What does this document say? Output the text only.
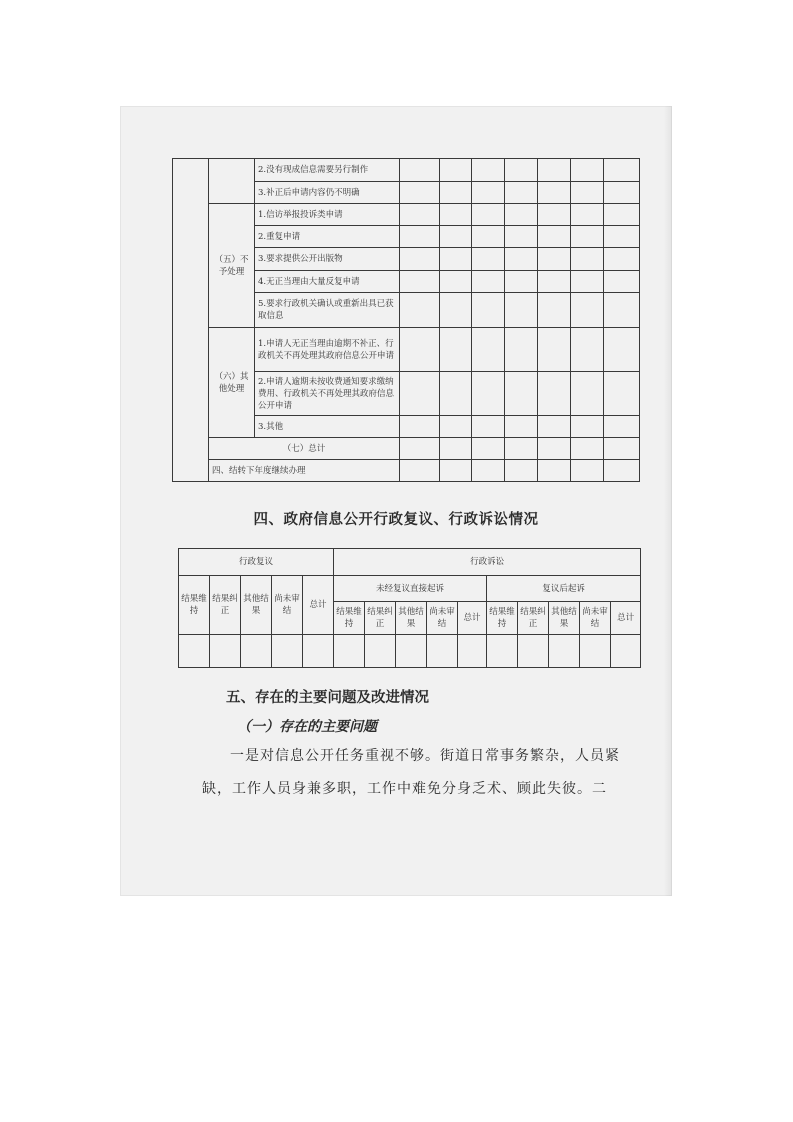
		2.没有现成信息需要另行制作							
		3.补正后申请内容仍不明确							
	（五）不予处理	1.信访举报投诉类申请							
		2.重复申请							
		3.要求提供公开出版物							
		4.无正当理由大量反复申请							
		5.要求行政机关确认或重新出具已获取信息							
	（六）其他处理	1.申请人无正当理由逾期不补正、行政机关不再处理其政府信息公开申请							
		2.申请人逾期未按收费通知要求缴纳费用、行政机关不再处理其政府信息公开申请							
		3.其他							
	（七）总计								
	四、结转下年度继续办理								
四、政府信息公开行政复议、行政诉讼情况
行政复议					行政诉讼									
结果维持	结果纠正	其他结果	尚未审结	总计	未经复议直接起诉					复议后起诉				
					结果维持	结果纠正	其他结果	尚未审结	总计	结果维持	结果纠正	其他结果	尚未审结	总计

五、存在的主要问题及改进情况
（一）存在的主要问题

一是对信息公开任务重视不够。街道日常事务繁杂，人员紧缺，工作人员身兼多职，工作中难免分身乏术、顾此失彼。二
